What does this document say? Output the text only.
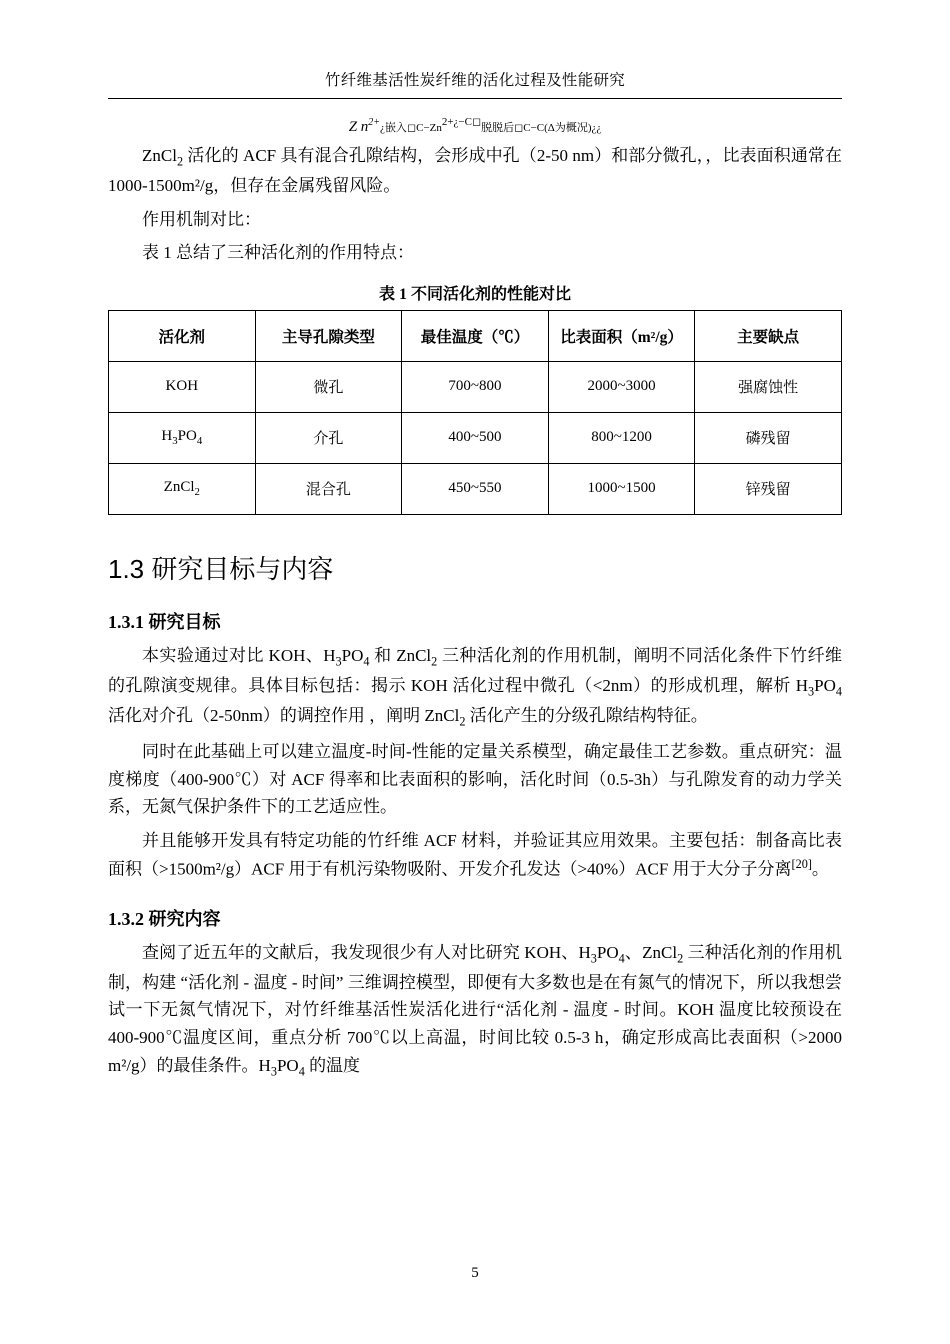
竹纤维基活性炭纤维的活化过程及性能研究
Z $n^{2+}¿$嵌入$◻C-Zn^{2+¿-C◻}$脱脱后◻C−C(Δ为概况)¿¿

ZnCl$_2$ 活化的 ACF 具有混合孔隙结构，会形成中孔（2-50 nm）和部分微孔，，比表面积通常在 1000-1500m²/g，但存在金属残留风险。

作用机制对比：

表 1 总结了三种活化剂的作用特点：

表 1 不同活化剂的性能对比
活化剂	主导孔隙类型	最佳温度（℃）	比表面积（m²/g）	主要缺点
KOH	微孔	700~800	2000~3000	强腐蚀性
$H_3PO_4$	介孔	400~500	800~1200	磷残留
ZnCl$_2$	混合孔	450~550	1000~1500	锌残留
1.3 研究目标与内容
1.3.1 研究目标

本实验通过对比 KOH、$H_3PO_4$ 和 ZnCl$_2$ 三种活化剂的作用机制，阐明不同活化条件下竹纤维的孔隙演变规律。具体目标包括：揭示 KOH 活化过程中微孔（<2nm）的形成机理，解析 $H_3PO_4$ 活化对介孔（2-50nm）的调控作用 ，阐明 ZnCl$_2$ 活化产生的分级孔隙结构特征。

同时在此基础上可以建立温度-时间-性能的定量关系模型，确定最佳工艺参数。重点研究：温度梯度（400-900℃）对 ACF 得率和比表面积的影响，活化时间（0.5-3h）与孔隙发育的动力学关系，无氮气保护条件下的工艺适应性。

并且能够开发具有特定功能的竹纤维 ACF 材料，并验证其应用效果。主要包括：制备高比表面积（>1500m²/g）ACF 用于有机污染物吸附、开发介孔发达（>40%）ACF 用于大分子分离[20]。

1.3.2 研究内容

查阅了近五年的文献后，我发现很少有人对比研究 KOH、$H_3PO_4$、ZnCl$_2$ 三种活化剂的作用机制，构建 “活化剂 - 温度 - 时间” 三维调控模型，即便有大多数也是在有氮气的情况下，所以我想尝试一下无氮气情况下，对竹纤维基活性炭活化进行“活化剂 - 温度 - 时间。KOH 温度比较预设在 400-900℃温度区间，重点分析 700℃以上高温，时间比较 0.5-3 h，确定形成高比表面积（>2000 m²/g）的最佳条件。$H_3PO_4$ 的温度

5
